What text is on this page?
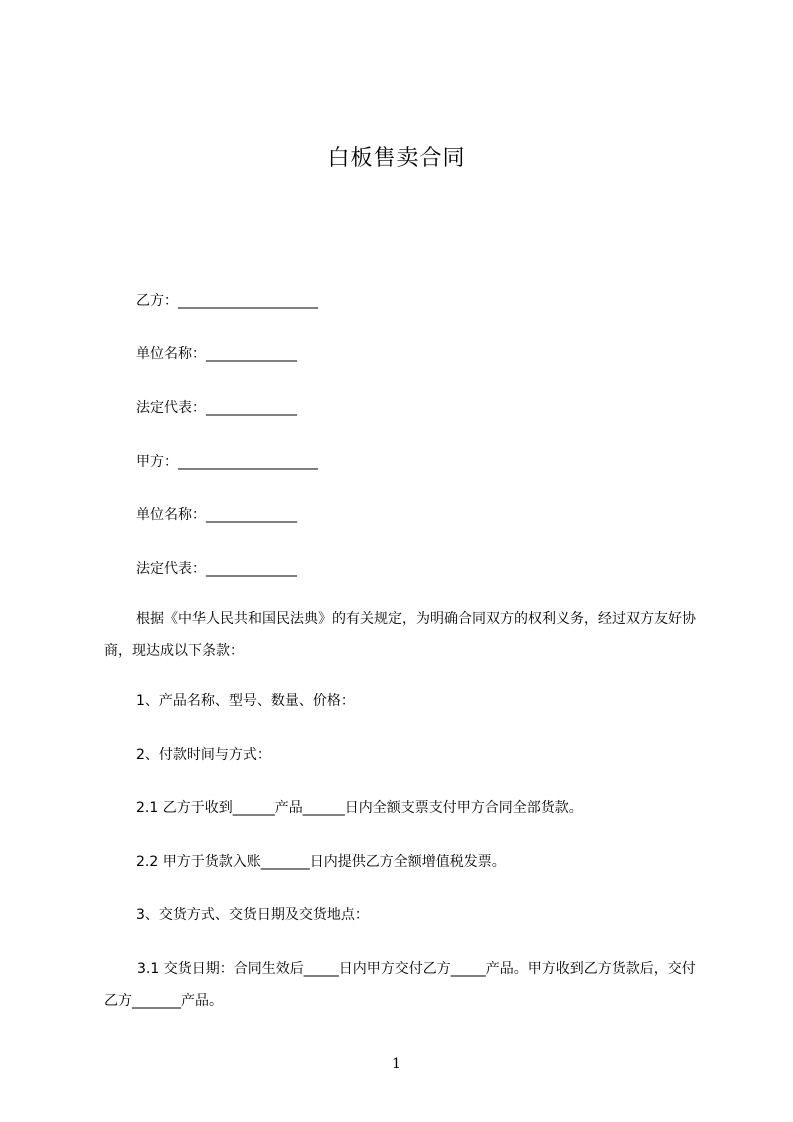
白板售卖合同
乙方：____________________
单位名称：_____________
法定代表：_____________
甲方：____________________
单位名称：_____________
法定代表：_____________
根据《中华人民共和国民法典》的有关规定，为明确合同双方的权利义务，经过双方友好协商，现达成以下条款：
1、产品名称、型号、数量、价格：
2、付款时间与方式：
2.1 乙方于收到______产品______日内全额支票支付甲方合同全部货款。
2.2 甲方于货款入账_______日内提供乙方全额增值税发票。
3、交货方式、交货日期及交货地点：
3.1 交货日期：合同生效后_____日内甲方交付乙方_____产品。甲方收到乙方货款后，交付乙方_______产品。
1
